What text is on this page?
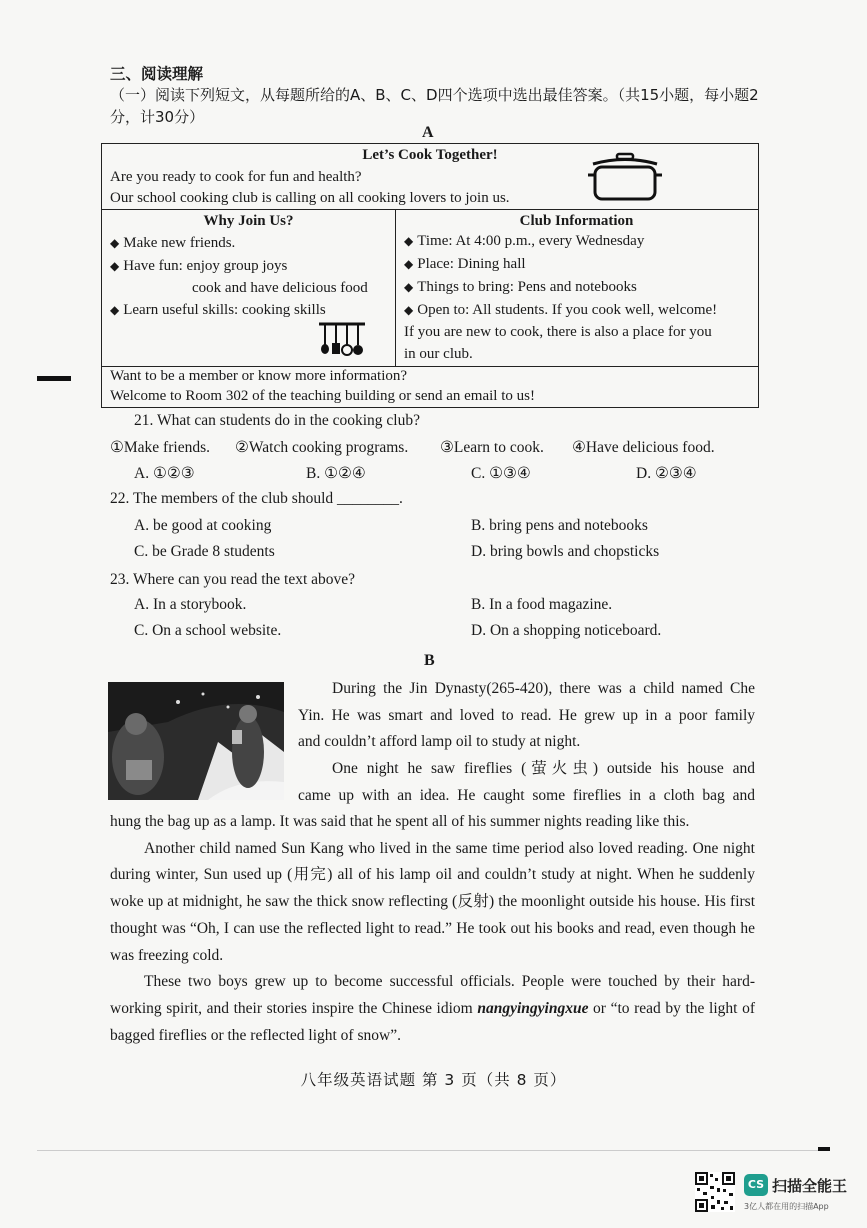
三、阅读理解
（一）阅读下列短文，从每题所给的A、B、C、D四个选项中选出最佳答案。（共15小题，每小题2分，计30分）
A
Let’s Cook Together!
Are you ready to cook for fun and health?
Our school cooking club is calling on all cooking lovers to join us.
Why Join Us?
◆ Make new friends.
◆ Have fun: enjoy group joys
cook and have delicious food
◆ Learn useful skills: cooking skills
Club Information
◆ Time: At 4:00 p.m., every Wednesday
◆ Place: Dining hall
◆ Things to bring: Pens and notebooks
◆ Open to: All students. If you cook well, welcome!
If you are new to cook, there is also a place for you
in our club.
Want to be a member or know more information?
Welcome to Room 302 of the teaching building or send an email to us!
21. What can students do in the cooking club?
①Make friends. ②Watch cooking programs. ③Learn to cook. ④Have delicious food.
A. ①②③	B. ①②④	C. ①③④	D. ②③④
22. The members of the club should ________.
A. be good at cooking	B. bring pens and notebooks
C. be Grade 8 students	D. bring bowls and chopsticks
23. Where can you read the text above?
A. In a storybook.	B. In a food magazine.
C. On a school website.	D. On a shopping noticeboard.
B

During the Jin Dynasty(265-420), there was a child named Che

Yin. He was smart and loved to read. He grew up in a poor family

and couldn’t afford lamp oil to study at night.

One night he saw fireflies (萤火虫) outside his house and

came up with an idea. He caught some fireflies in a cloth bag and

hung the bag up as a lamp. It was said that he spent all of his summer nights reading like this.

Another child named Sun Kang who lived in the same time period also loved reading. One night during winter, Sun used up (用完) all of his lamp oil and couldn’t study at night. When he suddenly woke up at midnight, he saw the thick snow reflecting (反射) the moonlight outside his house. His first thought was “Oh, I can use the reflected light to read.” He took out his books and read, even though he was freezing cold.

These two boys grew up to become successful officials. People were touched by their hard-working spirit, and their stories inspire the Chinese idiom nangyingyingxue or “to read by the light of bagged fireflies or the reflected light of snow”.

八年级英语试题 第 3 页（共 8 页）
CS 扫描全能王
3亿人都在用的扫描App
